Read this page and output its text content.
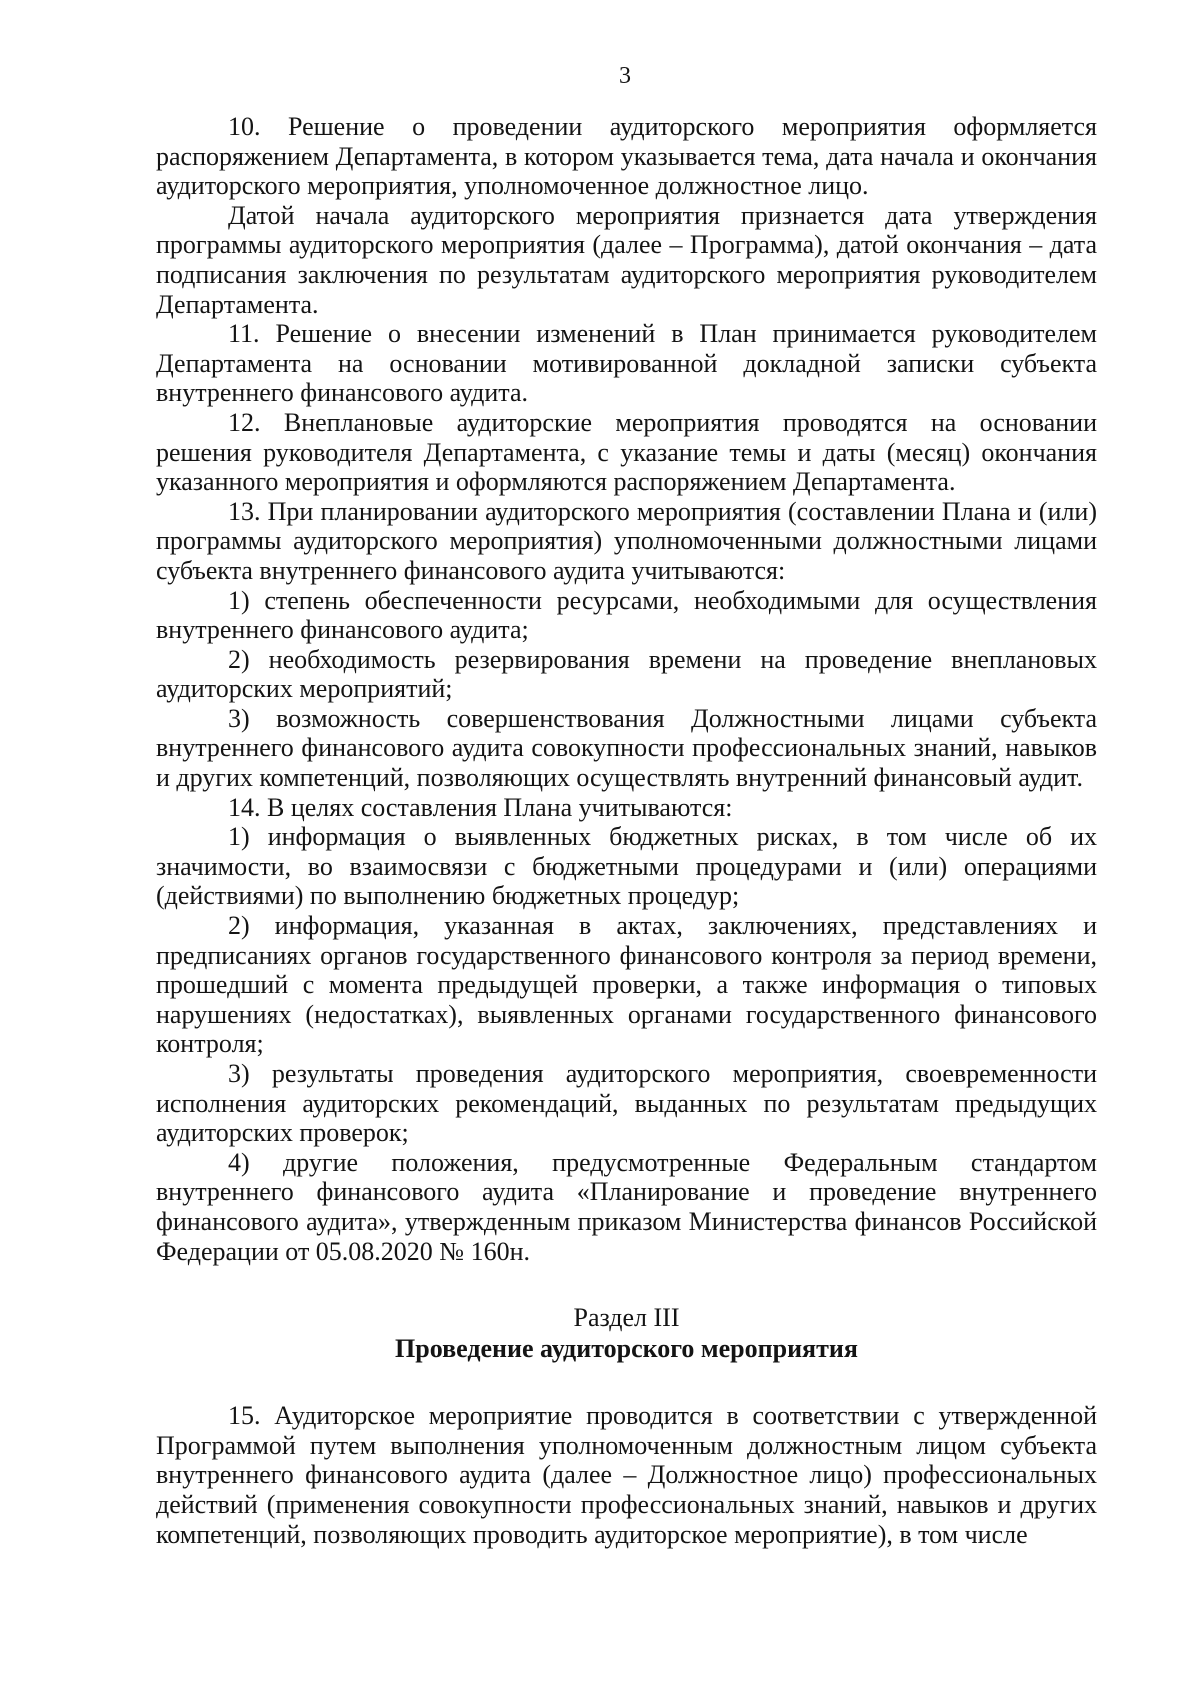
3

10. Решение о проведении аудиторского мероприятия оформляется распоряжением Департамента, в котором указывается тема, дата начала и окончания аудиторского мероприятия, уполномоченное должностное лицо.

Датой начала аудиторского мероприятия признается дата утверждения программы аудиторского мероприятия (далее – Программа), датой окончания – дата подписания заключения по результатам аудиторского мероприятия руководителем Департамента.

11. Решение о внесении изменений в План принимается руководителем Департамента на основании мотивированной докладной записки субъекта внутреннего финансового аудита.

12. Внеплановые аудиторские мероприятия проводятся на основании решения руководителя Департамента, с указание темы и даты (месяц) окончания указанного мероприятия и оформляются распоряжением Департамента.

13. При планировании аудиторского мероприятия (составлении Плана и (или) программы аудиторского мероприятия) уполномоченными должностными лицами субъекта внутреннего финансового аудита учитываются:

1) степень обеспеченности ресурсами, необходимыми для осуществления внутреннего финансового аудита;

2) необходимость резервирования времени на проведение внеплановых аудиторских мероприятий;

3) возможность совершенствования Должностными лицами субъекта внутреннего финансового аудита совокупности профессиональных знаний, навыков и других компетенций, позволяющих осуществлять внутренний финансовый аудит.

14. В целях составления Плана учитываются:

1) информация о выявленных бюджетных рисках, в том числе об их значимости, во взаимосвязи с бюджетными процедурами и (или) операциями (действиями) по выполнению бюджетных процедур;

2) информация, указанная в актах, заключениях, представлениях и предписаниях органов государственного финансового контроля за период времени, прошедший с момента предыдущей проверки, а также информация о типовых нарушениях (недостатках), выявленных органами государственного финансового контроля;

3) результаты проведения аудиторского мероприятия, своевременности исполнения аудиторских рекомендаций, выданных по результатам предыдущих аудиторских проверок;

4) другие положения, предусмотренные Федеральным стандартом внутреннего финансового аудита «Планирование и проведение внутреннего финансового аудита», утвержденным приказом Министерства финансов Российской Федерации от 05.08.2020 № 160н.

Раздел III
Проведение аудиторского мероприятия

15. Аудиторское мероприятие проводится в соответствии с утвержденной Программой путем выполнения уполномоченным должностным лицом субъекта внутреннего финансового аудита (далее – Должностное лицо) профессиональных действий (применения совокупности профессиональных знаний, навыков и других компетенций, позволяющих проводить аудиторское мероприятие), в том числе
